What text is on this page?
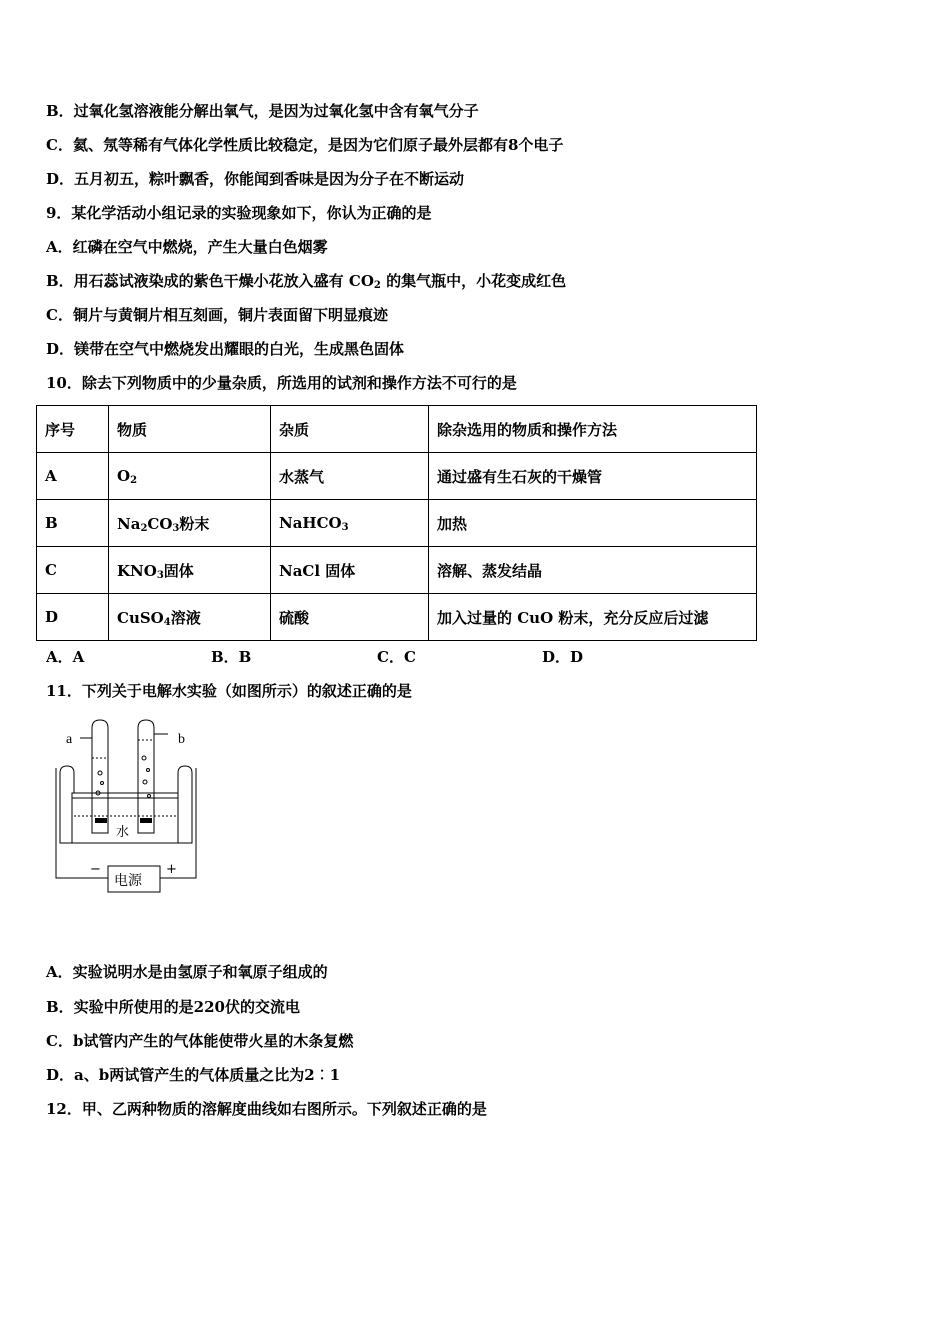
B．过氧化氢溶液能分解出氧气，是因为过氧化氢中含有氧气分子
C．氦、氖等稀有气体化学性质比较稳定，是因为它们原子最外层都有8个电子
D．五月初五，粽叶飘香，你能闻到香味是因为分子在不断运动
9．某化学活动小组记录的实验现象如下，你认为正确的是
A．红磷在空气中燃烧，产生大量白色烟雾
B．用石蕊试液染成的紫色干燥小花放入盛有 $CO_2$ 的集气瓶中，小花变成红色
C．铜片与黄铜片相互刻画，铜片表面留下明显痕迹
D．镁带在空气中燃烧发出耀眼的白光，生成黑色固体
10．除去下列物质中的少量杂质，所选用的试剂和操作方法不可行的是
序号	物质	杂质	除杂选用的物质和操作方法
A	$O_2$	水蒸气	通过盛有生石灰的干燥管
B	$Na_2CO_3$粉末	NaHCO$_3$	加热
C	$KNO_3$固体	NaCl 固体	溶解、蒸发结晶
D	CuSO$_4$溶液	硫酸	加入过量的 CuO 粉末，充分反应后过滤
A．A	B．B	C．C	D．D
11．下列关于电解水实验（如图所示）的叙述正确的是
a	b
水
电源
−	+
A．实验说明水是由氢原子和氧原子组成的
B．实验中所使用的是220伏的交流电
C．b试管内产生的气体能使带火星的木条复燃
D．a、b两试管产生的气体质量之比为2︰1
12．甲、乙两种物质的溶解度曲线如右图所示。下列叙述正确的是
